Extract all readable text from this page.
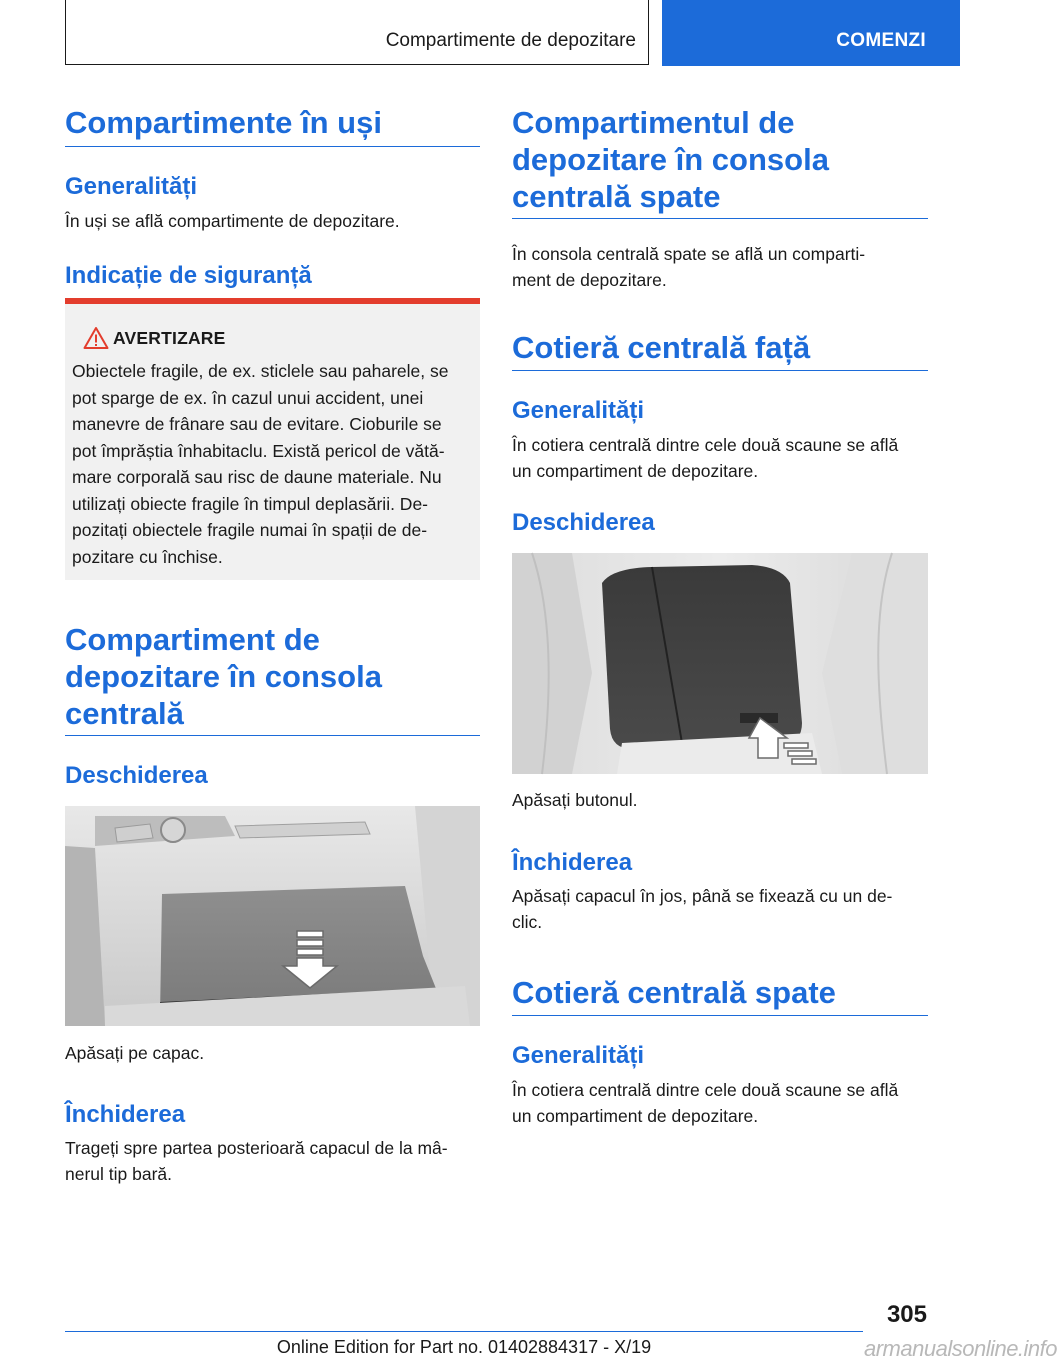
Compartimente de depozitare	COMENZI
Compartimente în uși
Generalități
În uși se află compartimente de depozitare.
Indicație de siguranță
AVERTIZARE
Obiectele fragile, de ex. sticlele sau paharele, se
pot sparge de ex. în cazul unui accident, unei
manevre de frânare sau de evitare. Cioburile se
pot împrăștia înhabitaclu. Există pericol de vătă-
mare corporală sau risc de daune materiale. Nu
utilizați obiecte fragile în timpul deplasării. De-
pozitați obiectele fragile numai în spații de de-
pozitare cu închise.
Compartiment de
depozitare în consola
centrală
Deschiderea
Apăsați pe capac.
Închiderea
Trageți spre partea posterioară capacul de la mâ-
nerul tip bară.
Compartimentul de
depozitare în consola
centrală spate
În consola centrală spate se află un comparti-
ment de depozitare.
Cotieră centrală față
Generalități
În cotiera centrală dintre cele două scaune se află
un compartiment de depozitare.
Deschiderea
Apăsați butonul.
Închiderea
Apăsați capacul în jos, până se fixează cu un de-
clic.
Cotieră centrală spate
Generalități
În cotiera centrală dintre cele două scaune se află
un compartiment de depozitare.
305
Online Edition for Part no. 01402884317 - X/19	armanualsonline.info
